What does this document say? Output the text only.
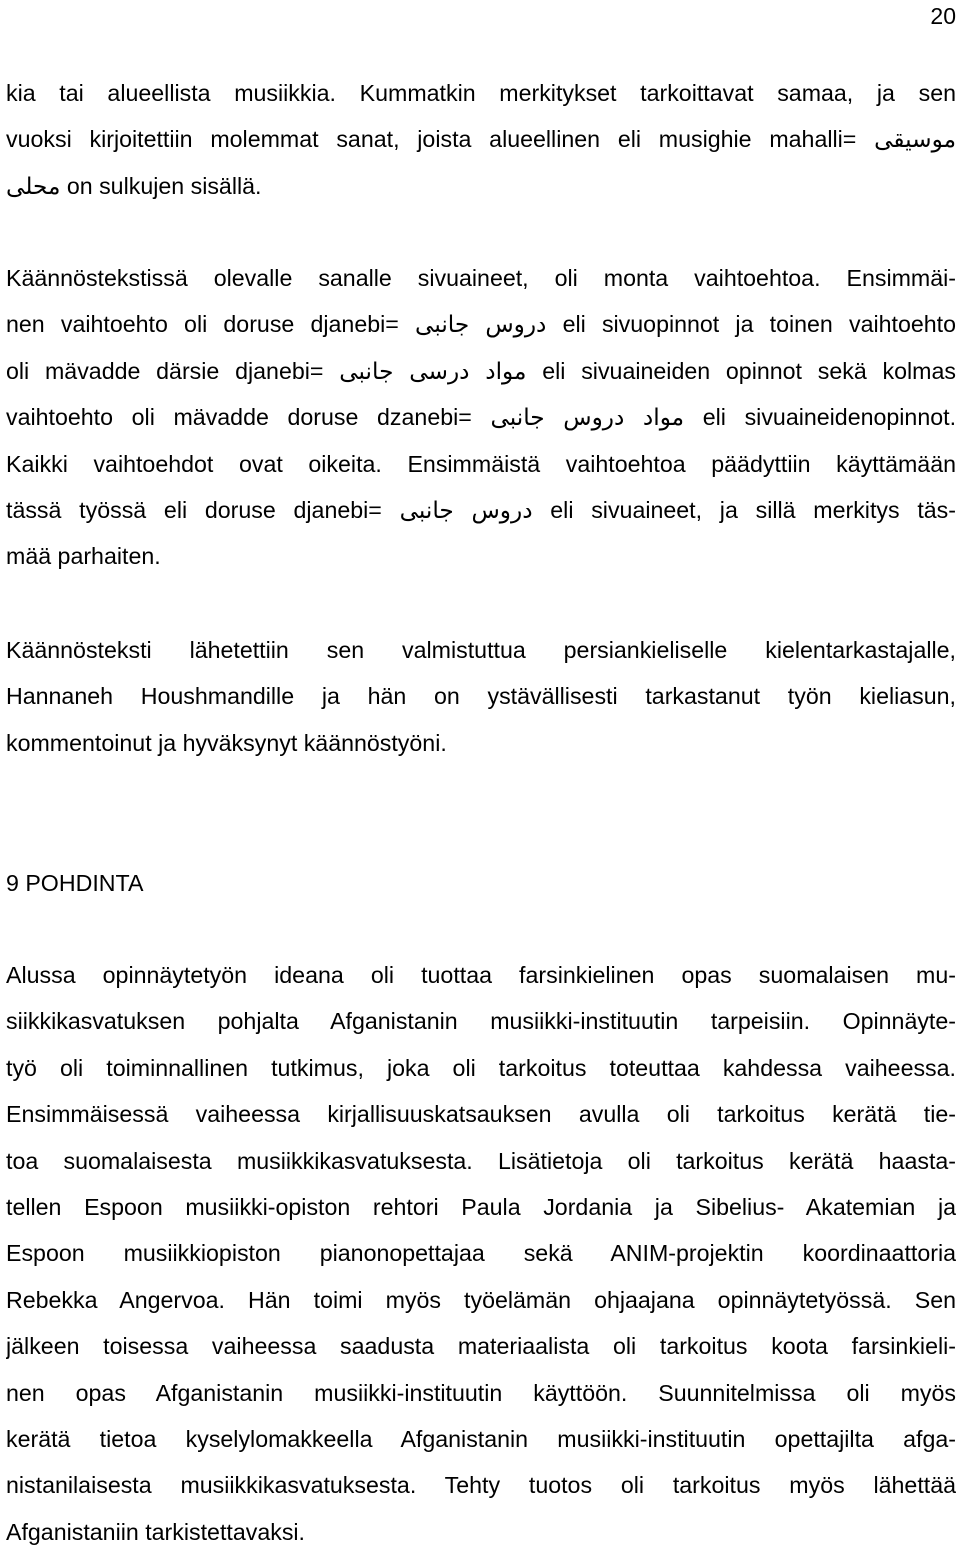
20
kia tai alueellista musiikkia. Kummatkin merkitykset tarkoittavat samaa, ja sen
vuoksi kirjoitettiin molemmat sanat, joista alueellinen eli musighie mahalli= موسیقی
محلی on sulkujen sisällä.
Käännöstekstissä olevalle sanalle sivuaineet, oli monta vaihtoehtoa. Ensimmäi-
nen vaihtoehto oli doruse djanebi= دروس جانبی eli sivuopinnot ja toinen vaihtoehto
oli mävadde därsie djanebi= مواد درسی جانبی eli sivuaineiden opinnot sekä kolmas
vaihtoehto oli mävadde doruse dzanebi= مواد دروس جانبی eli sivuaineidenopinnot.
Kaikki vaihtoehdot ovat oikeita. Ensimmäistä vaihtoehtoa päädyttiin käyttämään
tässä työssä eli doruse djanebi= دروس جانبی eli sivuaineet, ja sillä merkitys täs-
mää parhaiten.
Käännösteksti lähetettiin sen valmistuttua persiankieliselle kielentarkastajalle,
Hannaneh Houshmandille ja hän on ystävällisesti tarkastanut työn kieliasun,
kommentoinut ja hyväksynyt käännöstyöni.
9 POHDINTA
Alussa opinnäytetyön ideana oli tuottaa farsinkielinen opas suomalaisen mu-
siikkikasvatuksen pohjalta Afganistanin musiikki-instituutin tarpeisiin. Opinnäyte-
työ oli toiminnallinen tutkimus, joka oli tarkoitus toteuttaa kahdessa vaiheessa.
Ensimmäisessä vaiheessa kirjallisuuskatsauksen avulla oli tarkoitus kerätä tie-
toa suomalaisesta musiikkikasvatuksesta. Lisätietoja oli tarkoitus kerätä haasta-
tellen Espoon musiikki-opiston rehtori Paula Jordania ja Sibelius- Akatemian ja
Espoon musiikkiopiston pianonopettajaa sekä ANIM-projektin koordinaattoria
Rebekka Angervoa. Hän toimi myös työelämän ohjaajana opinnäytetyössä. Sen
jälkeen toisessa vaiheessa saadusta materiaalista oli tarkoitus koota farsinkieli-
nen opas Afganistanin musiikki-instituutin käyttöön. Suunnitelmissa oli myös
kerätä tietoa kyselylomakkeella Afganistanin musiikki-instituutin opettajilta afga-
nistanilaisesta musiikkikasvatuksesta. Tehty tuotos oli tarkoitus myös lähettää
Afganistaniin tarkistettavaksi.
